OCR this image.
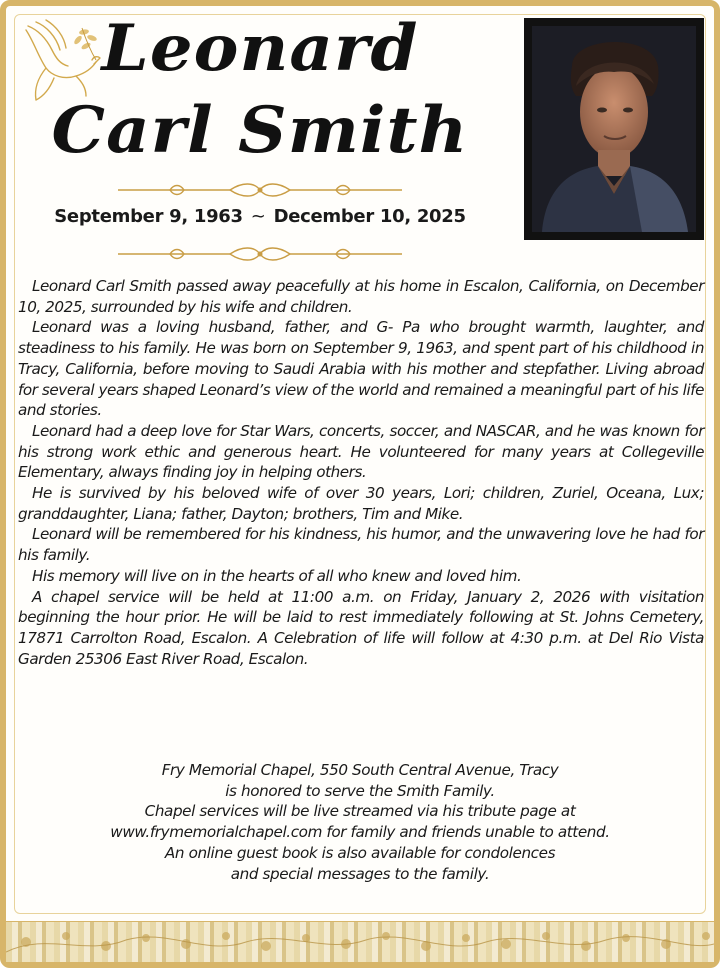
Leonard
Carl Smith
September 9, 1963 ~ December 10, 2025

Leonard Carl Smith passed away peacefully at his home in Escalon, California, on December 10, 2025, surrounded by his wife and children.

Leonard was a loving husband, father, and G- Pa who brought warmth, laughter, and steadiness to his family. He was born on September 9, 1963, and spent part of his childhood in Tracy, California, before moving to Saudi Arabia with his mother and stepfather. Living abroad for several years shaped Leonard’s view of the world and remained a meaningful part of his life and stories.

Leonard had a deep love for Star Wars, concerts, soccer, and NASCAR, and he was known for his strong work ethic and generous heart. He volunteered for many years at Collegeville Elementary, always finding joy in helping others.

He is survived by his beloved wife of over 30 years, Lori; children, Zuriel, Oceana, Lux; granddaughter, Liana; father, Dayton; brothers, Tim and Mike.

Leonard will be remembered for his kindness, his humor, and the unwavering love he had for his family.

His memory will live on in the hearts of all who knew and loved him.

A chapel service will be held at 11:00 a.m. on Friday, January 2, 2026 with visitation beginning the hour prior. He will be laid to rest immediately following at St. Johns Cemetery, 17871 Carrolton Road, Escalon. A Celebration of life will follow at 4:30 p.m. at Del Rio Vista Garden 25306 East River Road, Escalon.

Fry Memorial Chapel, 550 South Central Avenue, Tracy
is honored to serve the Smith Family.
Chapel services will be live streamed via his tribute page at
www.frymemorialchapel.com for family and friends unable to attend.
An online guest book is also available for condolences
and special messages to the family.
